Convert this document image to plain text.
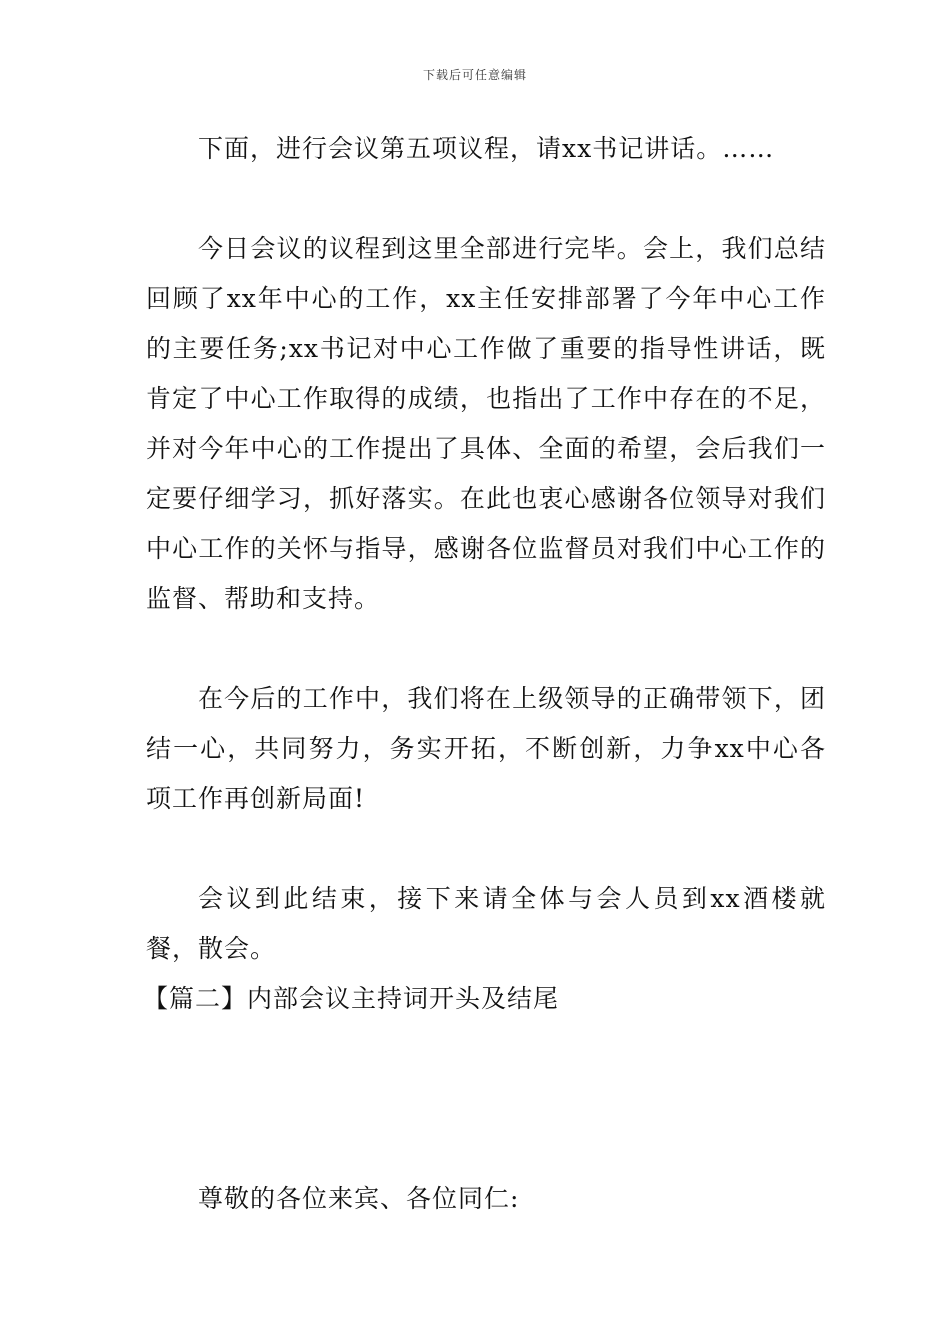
下载后可任意编辑

下面，进行会议第五项议程，请xx书记讲话。……

今日会议的议程到这里全部进行完毕。会上，我们总结回顾了xx年中心的工作，xx主任安排部署了今年中心工作的主要任务;xx书记对中心工作做了重要的指导性讲话，既肯定了中心工作取得的成绩，也指出了工作中存在的不足，并对今年中心的工作提出了具体、全面的希望，会后我们一定要仔细学习，抓好落实。在此也衷心感谢各位领导对我们中心工作的关怀与指导，感谢各位监督员对我们中心工作的监督、帮助和支持。

在今后的工作中，我们将在上级领导的正确带领下，团结一心，共同努力，务实开拓，不断创新，力争xx中心各项工作再创新局面!

会议到此结束，接下来请全体与会人员到xx酒楼就餐，散会。

【篇二】内部会议主持词开头及结尾

尊敬的各位来宾、各位同仁:
